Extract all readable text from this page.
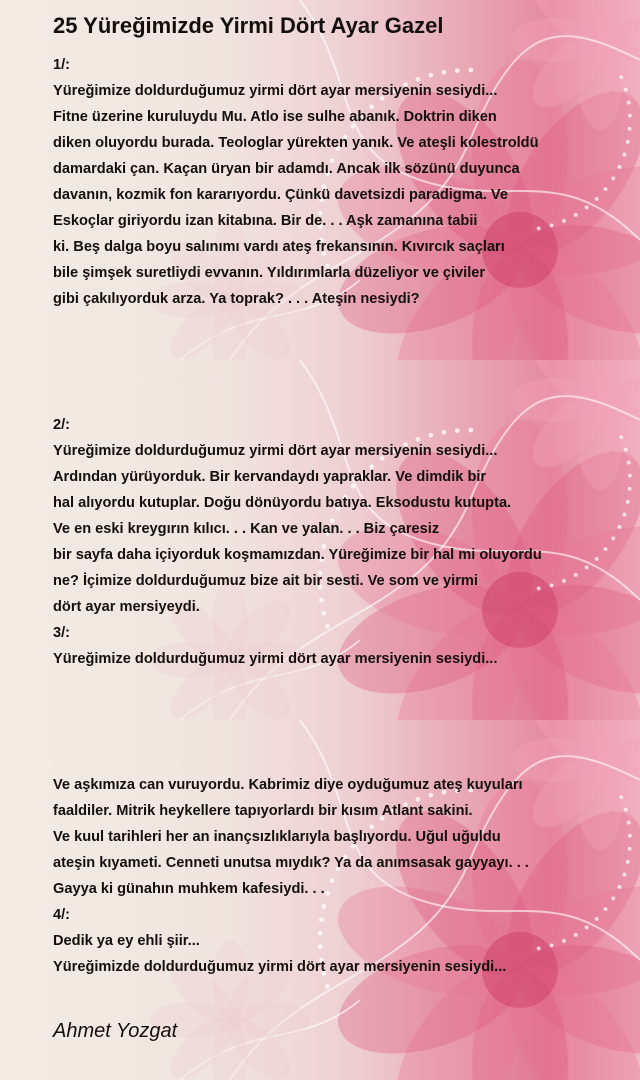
25 Yüreğimizde Yirmi Dört Ayar Gazel
1/:
Yüreğimize doldurduğumuz yirmi dört ayar mersiyenin sesiydi...
Fitne üzerine kuruluydu Mu. Atlo ise sulhe abanık. Doktrin diken
diken oluyordu burada. Teologlar yürekten yanık. Ve ateşli kolestroldü
damardaki çan. Kaçan üryan bir adamdı. Ancak ilk sözünü duyunca
davanın, kozmik fon kararıyordu. Çünkü davetsizdi paradigma. Ve
Eskoçlar giriyordu izan kitabına. Bir de. . . Aşk zamanına tabii
ki. Beş dalga boyu salınımı vardı ateş frekansının. Kıvırcık saçları
bile şimşek suretliydi evvanın. Yıldırımlarla düzeliyor ve çiviler
gibi çakılıyorduk arza. Ya toprak? . . . Ateşin nesiydi?
2/:
Yüreğimize doldurduğumuz yirmi dört ayar mersiyenin sesiydi...
Ardından yürüyorduk. Bir kervandaydı yapraklar. Ve dimdik bir
hal alıyordu kutuplar. Doğu dönüyordu batıya. Eksodustu kutupta.
Ve en eski kreygırın kılıcı. . . Kan ve yalan. . . Biz çaresiz
bir sayfa daha içiyorduk koşmamızdan. Yüreğimize bir hal mi oluyordu
ne? İçimize doldurduğumuz bize ait bir sesti. Ve som ve yirmi
dört ayar mersiyeydi.
3/:
Yüreğimize doldurduğumuz yirmi dört ayar mersiyenin sesiydi...
Ve aşkımıza can vuruyordu. Kabrimiz diye oyduğumuz ateş kuyuları
faaldiler. Mitrik heykellere tapıyorlardı bir kısım Atlant sakini.
Ve kuul tarihleri her an inançsızlıklarıyla başlıyordu. Uğul uğuldu
ateşin kıyameti. Cenneti unutsa mıydık? Ya da anımsasak gayyayı. . .
Gayya ki günahın muhkem kafesiydi. . .
4/:
Dedik ya ey ehli şiir...
Yüreğimizde doldurduğumuz yirmi dört ayar mersiyenin sesiydi...
Ahmet Yozgat
